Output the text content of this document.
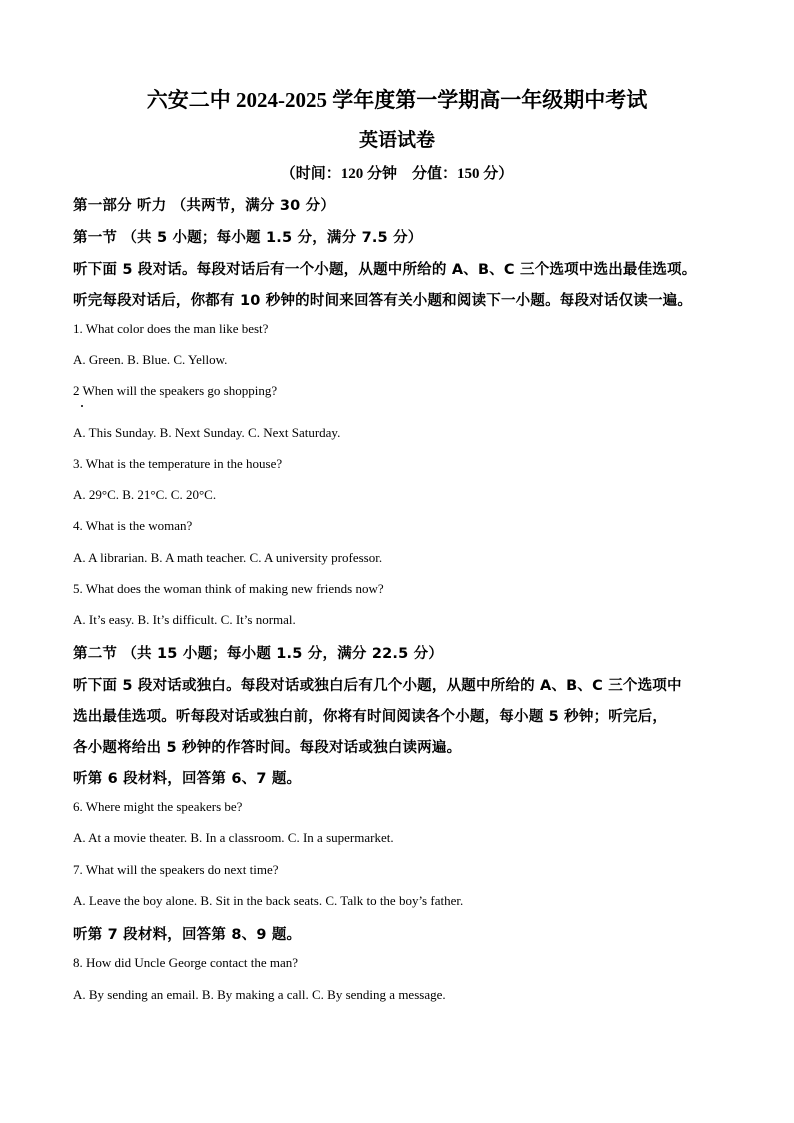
六安二中 2024-2025 学年度第一学期高一年级期中考试
英语试卷
（时间：120 分钟　分值：150 分）
第一部分 听力 （共两节，满分 30 分）
第一节 （共 5 小题；每小题 1.5 分，满分 7.5 分）
听下面 5 段对话。每段对话后有一个小题，从题中所给的 A、B、C 三个选项中选出最佳选项。
听完每段对话后，你都有 10 秒钟的时间来回答有关小题和阅读下一小题。每段对话仅读一遍。
1. What color does the man like best?
A. Green. B. Blue. C. Yellow.
2 When will the speakers go shopping?
A. This Sunday. B. Next Sunday. C. Next Saturday.
3. What is the temperature in the house?
A. 29°C. B. 21°C. C. 20°C.
4. What is the woman?
A. A librarian. B. A math teacher. C. A university professor.
5. What does the woman think of making new friends now?
A. It’s easy. B. It’s difficult. C. It’s normal.
第二节 （共 15 小题；每小题 1.5 分，满分 22.5 分）
听下面 5 段对话或独白。每段对话或独白后有几个小题，从题中所给的 A、B、C 三个选项中
选出最佳选项。听每段对话或独白前，你将有时间阅读各个小题，每小题 5 秒钟；听完后，
各小题将给出 5 秒钟的作答时间。每段对话或独白读两遍。
听第 6 段材料，回答第 6、7 题。
6. Where might the speakers be?
A. At a movie theater. B. In a classroom. C. In a supermarket.
7. What will the speakers do next time?
A. Leave the boy alone. B. Sit in the back seats. C. Talk to the boy’s father.
听第 7 段材料，回答第 8、9 题。
8. How did Uncle George contact the man?
A. By sending an email. B. By making a call. C. By sending a message.
